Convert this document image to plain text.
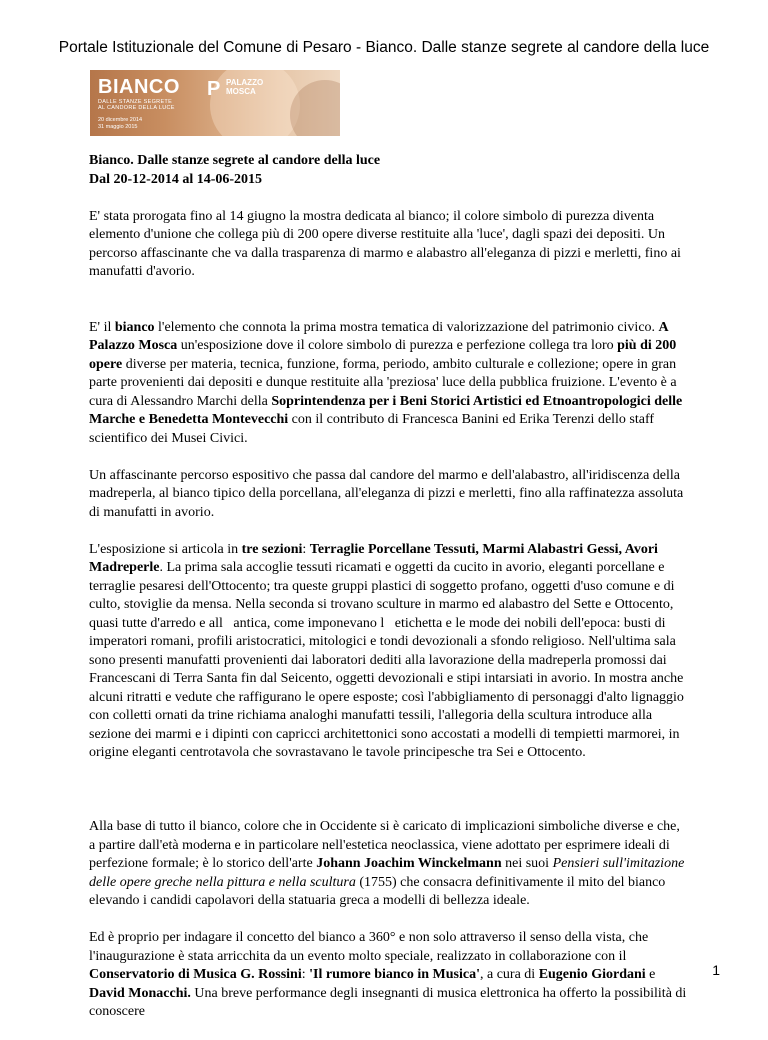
Portale Istituzionale del Comune di Pesaro - Bianco. Dalle stanze segrete al candore della luce
BIANCO
DALLE STANZE SEGRETE
AL CANDORE DELLA LUCE
20 dicembre 2014
31 maggio 2015
P PALAZZO
MOSCA
Bianco. Dalle stanze segrete al candore della luce
Dal 20-12-2014 al 14-06-2015

E' stata prorogata fino al 14 giugno la mostra dedicata al bianco; il colore simbolo di purezza diventa elemento d'unione che collega più di 200 opere diverse restituite alla 'luce', dagli spazi dei depositi. Un percorso affascinante che va dalla trasparenza di marmo e alabastro all'eleganza di pizzi e merletti, fino ai manufatti d'avorio.

E' il bianco l'elemento che connota la prima mostra tematica di valorizzazione del patrimonio civico. A Palazzo Mosca un'esposizione dove il colore simbolo di purezza e perfezione collega tra loro più di 200 opere diverse per materia, tecnica, funzione, forma, periodo, ambito culturale e collezione; opere in gran parte provenienti dai depositi e dunque restituite alla 'preziosa' luce della pubblica fruizione. L'evento è a cura di Alessandro Marchi della Soprintendenza per i Beni Storici Artistici ed Etnoantropologici delle Marche e Benedetta Montevecchi con il contributo di Francesca Banini ed Erika Terenzi dello staff scientifico dei Musei Civici.

Un affascinante percorso espositivo che passa dal candore del marmo e dell'alabastro, all'iridiscenza della madreperla, al bianco tipico della porcellana, all'eleganza di pizzi e merletti, fino alla raffinatezza assoluta di manufatti in avorio.

L'esposizione si articola in tre sezioni: Terraglie Porcellane Tessuti, Marmi Alabastri Gessi, Avori Madreperle. La prima sala accoglie tessuti ricamati e oggetti da cucito in avorio, eleganti porcellane e terraglie pesaresi dell'Ottocento; tra queste gruppi plastici di soggetto profano, oggetti d'uso comune e di culto, stoviglie da mensa. Nella seconda si trovano sculture in marmo ed alabastro del Sette e Ottocento, quasi tutte d'arredo e all   antica, come imponevano l   etichetta e le mode dei nobili dell'epoca: busti di imperatori romani, profili aristocratici, mitologici e tondi devozionali a sfondo religioso. Nell'ultima sala sono presenti manufatti provenienti dai laboratori dediti alla lavorazione della madreperla promossi dai Francescani di Terra Santa fin dal Seicento, oggetti devozionali e stipi intarsiati in avorio. In mostra anche alcuni ritratti e vedute che raffigurano le opere esposte; così l'abbigliamento di personaggi d'alto lignaggio con colletti ornati da trine richiama analoghi manufatti tessili, l'allegoria della scultura introduce alla sezione dei marmi e i dipinti con capricci architettonici sono accostati a modelli di tempietti marmorei, in origine eleganti centrotavola che sovrastavano le tavole principesche tra Sei e Ottocento.

Alla base di tutto il bianco, colore che in Occidente si è caricato di implicazioni simboliche diverse e che, a partire dall'età moderna e in particolare nell'estetica neoclassica, viene adottato per esprimere ideali di perfezione formale; è lo storico dell'arte Johann Joachim Winckelmann nei suoi Pensieri sull'imitazione delle opere greche nella pittura e nella scultura (1755) che consacra definitivamente il mito del bianco elevando i candidi capolavori della statuaria greca a modelli di bellezza ideale.

Ed è proprio per indagare il concetto del bianco a 360° e non solo attraverso il senso della vista, che l'inaugurazione è stata arricchita da un evento molto speciale, realizzato in collaborazione con il Conservatorio di Musica G. Rossini: 'Il rumore bianco in Musica', a cura di Eugenio Giordani e David Monacchi. Una breve performance degli insegnanti di musica elettronica ha offerto la possibilità di conoscere

1
